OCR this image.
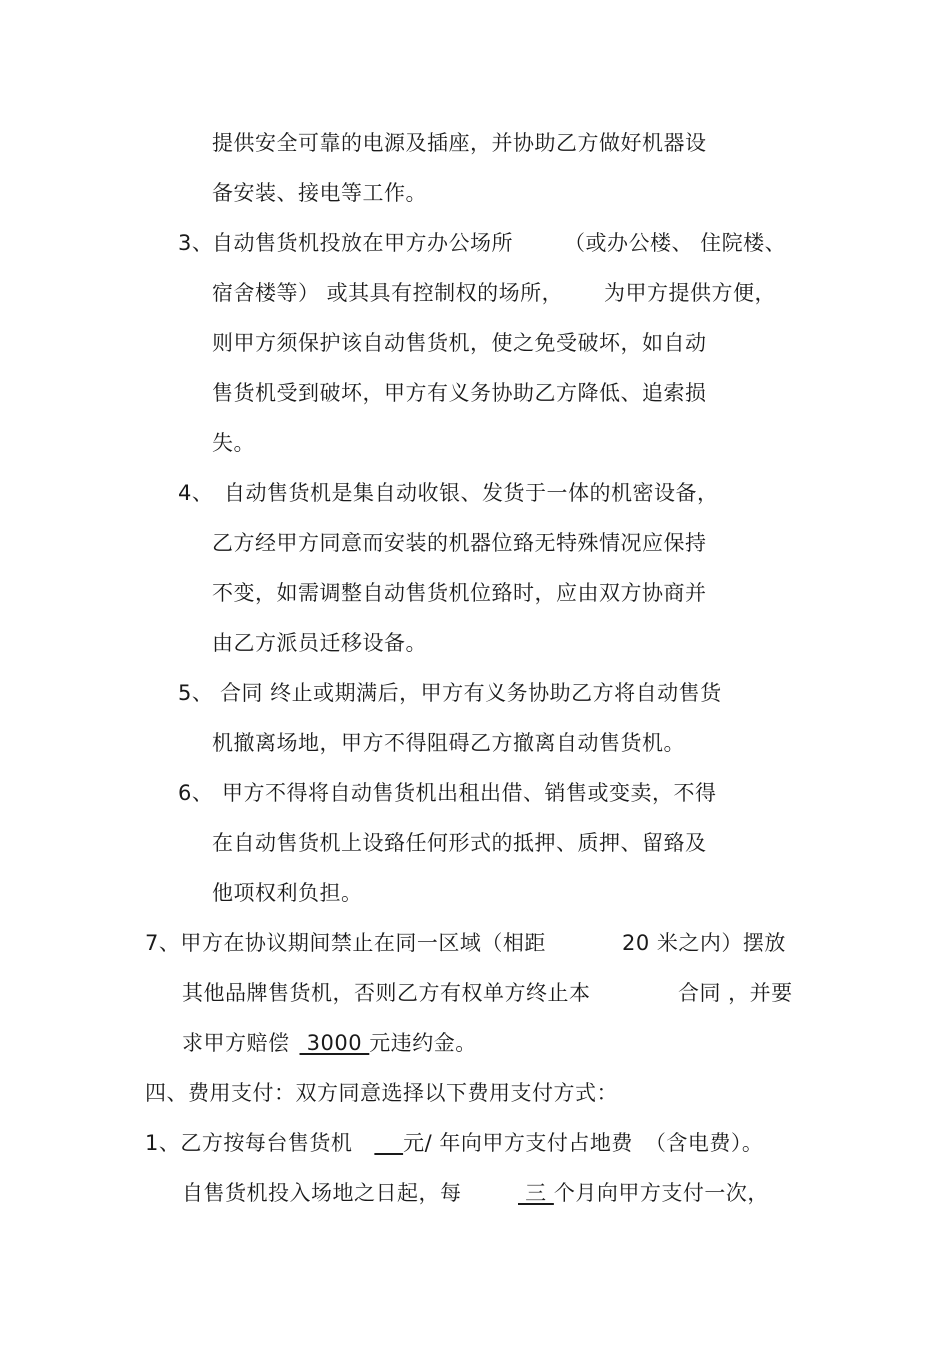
提供安全可靠的电源及插座，并协助乙方做好机器设
备安装、接电等工作。
3、
自动售货机投放在甲方办公场所 （或办公楼、 住院楼、
宿舍楼等） 或其具有控制权的场所， 为甲方提供方便，
则甲方须保护该自动售货机，使之免受破坏，如自动
售货机受到破坏，甲方有义务协助乙方降低、追索损
失。
4、 自动售货机是集自动收银、发货于一体的机密设备，
乙方经甲方同意而安装的机器位臵无特殊情况应保持
不变，如需调整自动售货机位臵时，应由双方协商并
由乙方派员迁移设备。
5、 合同 终止或期满后，甲方有义务协助乙方将自动售货
机撤离场地，甲方不得阻碍乙方撤离自动售货机。
6、 甲方不得将自动售货机出租出借、销售或变卖，不得
在自动售货机上设臵任何形式的抵押、质押、留臵及
他项权利负担。
7、甲方在协议期间禁止在同一区域（相距	20 米之内）摆放
其他品牌售货机，否则乙方有权单方终止本	合同 ，并要
求甲方赔偿 3000 元违约金。
四、费用支付：双方同意选择以下费用支付方式：
1、乙方按每台售货机 元/ 年向甲方支付占地费 （含电费）。
自售货机投入场地之日起，每	三 个月向甲方支付一次，
